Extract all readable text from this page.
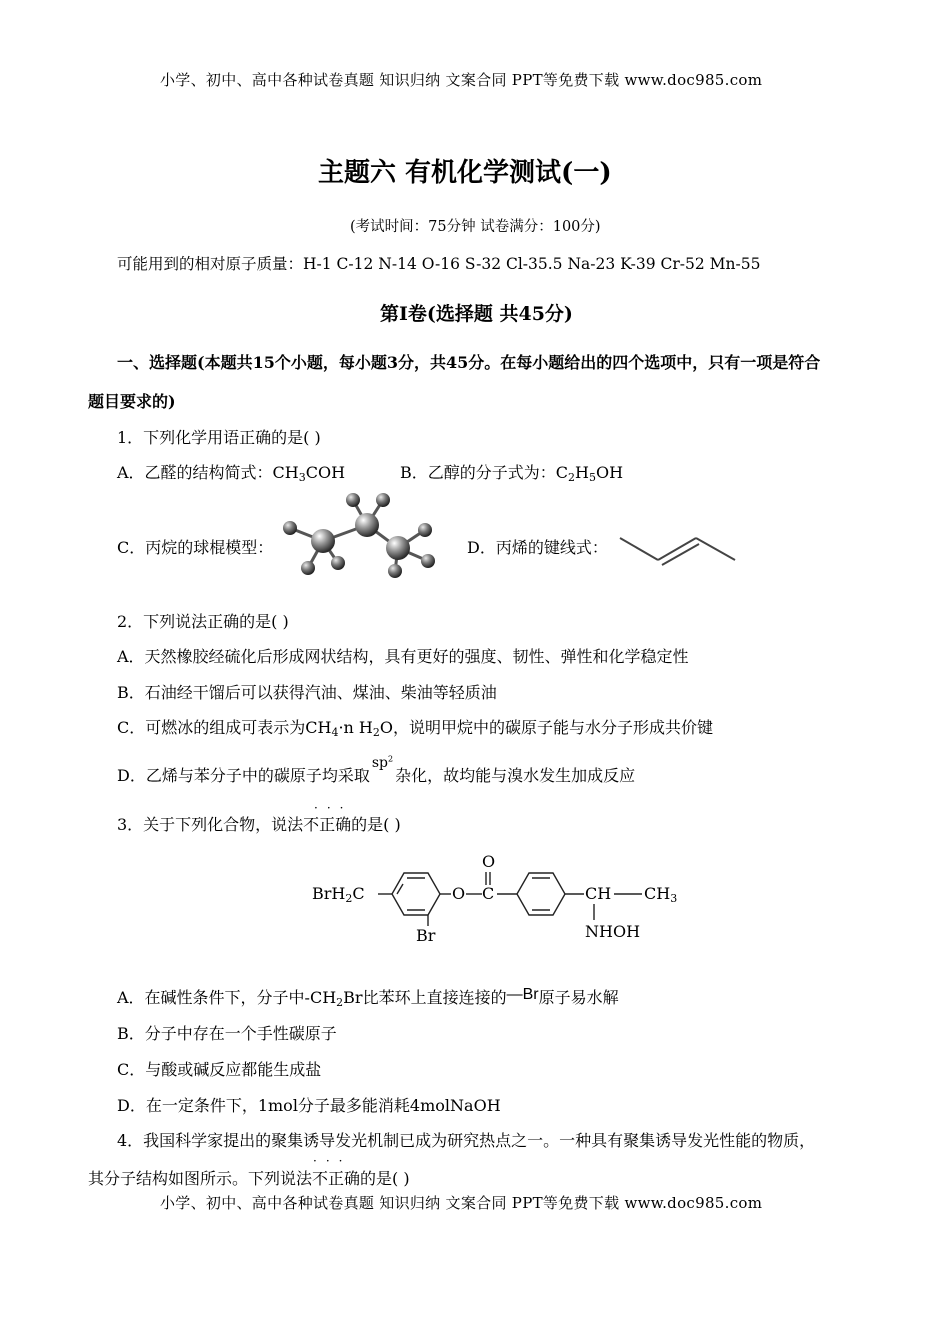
小学、初中、高中各种试卷真题 知识归纳 文案合同 PPT等免费下载 www.doc985.com
主题六 有机化学测试(一)
(考试时间：75分钟 试卷满分：100分)
可能用到的相对原子质量：H-1 C-12 N-14 O-16 S-32 Cl-35.5 Na-23 K-39 Cr-52 Mn-55
第Ⅰ卷(选择题 共45分)
一、选择题(本题共15个小题，每小题3分，共45分。在每小题给出的四个选项中，只有一项是符合
题目要求的)
1．下列化学用语正确的是( )
A．乙醛的结构简式：$CH_3COH$	B．乙醇的分子式为：$C_2H_5OH$
C．丙烷的球棍模型：	D．丙烯的键线式：
2．下列说法正确的是( )
A．天然橡胶经硫化后形成网状结构，具有更好的强度、韧性、弹性和化学稳定性
B．石油经干馏后可以获得汽油、煤油、柴油等轻质油
C．可燃冰的组成可表示为$CH_4\cdot n$ $H_2O$，说明甲烷中的碳原子能与水分子形成共价键
D．乙烯与苯分子中的碳原子均采取$sp^2$杂化，故均能与溴水发生加成反应
···
3．关于下列化合物，说法不正确的是( )
BrH$_2$C	O C
O
Br
CH $CH_3$
NHOH
A．在碱性条件下，分子中$-CH_2Br$比苯环上直接连接的—Br原子易水解
B．分子中存在一个手性碳原子
C．与酸或碱反应都能生成盐
D．在一定条件下，1mol分子最多能消耗4molNaOH
4．我国科学家提出的聚集诱导发光机制已成为研究热点之一。一种具有聚集诱导发光性能的物质，
···
其分子结构如图所示。下列说法不正确的是( )
小学、初中、高中各种试卷真题 知识归纳 文案合同 PPT等免费下载 www.doc985.com
